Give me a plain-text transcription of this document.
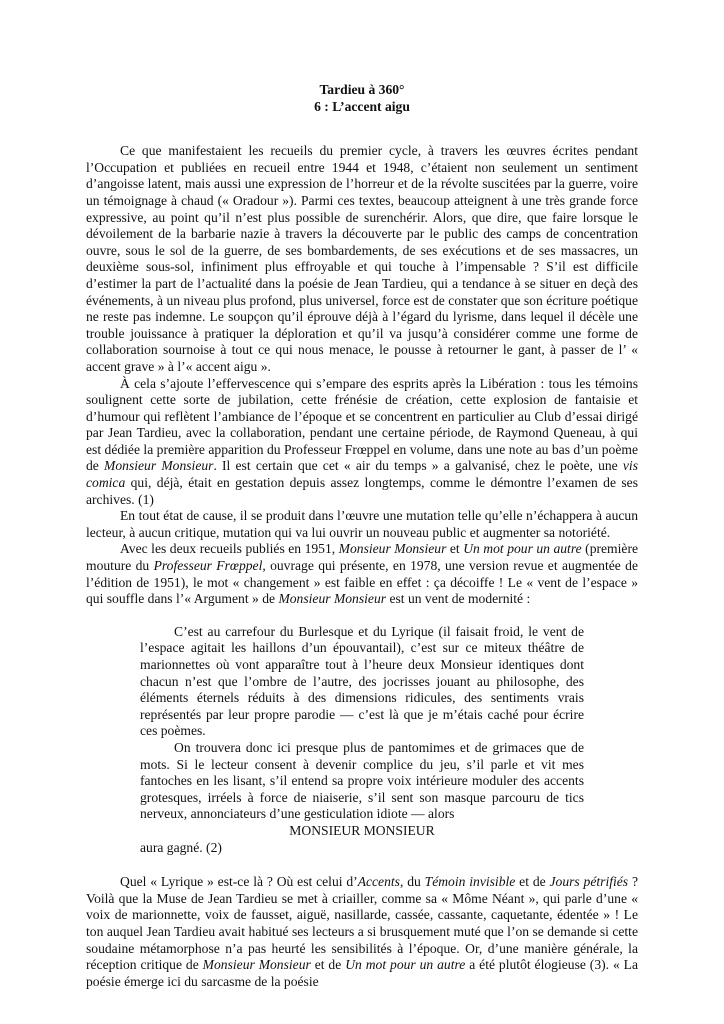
Tardieu à 360°
6 : L’accent aigu

Ce que manifestaient les recueils du premier cycle, à travers les œuvres écrites pendant l’Occupation et publiées en recueil entre 1944 et 1948, c’étaient non seulement un sentiment d’angoisse latent, mais aussi une expression de l’horreur et de la révolte suscitées par la guerre, voire un témoignage à chaud (« Oradour »). Parmi ces textes, beaucoup atteignent à une très grande force expressive, au point qu’il n’est plus possible de surenchérir. Alors, que dire, que faire lorsque le dévoilement de la barbarie nazie à travers la découverte par le public des camps de concentration ouvre, sous le sol de la guerre, de ses bombardements, de ses exécutions et de ses massacres, un deuxième sous-sol, infiniment plus effroyable et qui touche à l’impensable ? S’il est difficile d’estimer la part de l’actualité dans la poésie de Jean Tardieu, qui a tendance à se situer en deçà des événements, à un niveau plus profond, plus universel, force est de constater que son écriture poétique ne reste pas indemne. Le soupçon qu’il éprouve déjà à l’égard du lyrisme, dans lequel il décèle une trouble jouissance à pratiquer la déploration et qu’il va jusqu’à considérer comme une forme de collaboration sournoise à tout ce qui nous menace, le pousse à retourner le gant, à passer de l’ « accent grave » à l’« accent aigu ».

À cela s’ajoute l’effervescence qui s’empare des esprits après la Libération : tous les témoins soulignent cette sorte de jubilation, cette frénésie de création, cette explosion de fantaisie et d’humour qui reflètent l’ambiance de l’époque et se concentrent en particulier au Club d’essai dirigé par Jean Tardieu, avec la collaboration, pendant une certaine période, de Raymond Queneau, à qui est dédiée la première apparition du Professeur Frœppel en volume, dans une note au bas d’un poème de Monsieur Monsieur. Il est certain que cet « air du temps » a galvanisé, chez le poète, une vis comica qui, déjà, était en gestation depuis assez longtemps, comme le démontre l’examen de ses archives. (1)

En tout état de cause, il se produit dans l’œuvre une mutation telle qu’elle n’échappera à aucun lecteur, à aucun critique, mutation qui va lui ouvrir un nouveau public et augmenter sa notoriété.

Avec les deux recueils publiés en 1951, Monsieur Monsieur et Un mot pour un autre (première mouture du Professeur Frœppel, ouvrage qui présente, en 1978, une version revue et augmentée de l’édition de 1951), le mot « changement » est faible en effet : ça décoiffe ! Le « vent de l’espace » qui souffle dans l’« Argument » de Monsieur Monsieur est un vent de modernité :

C’est au carrefour du Burlesque et du Lyrique (il faisait froid, le vent de l’espace agitait les haillons d’un épouvantail), c’est sur ce miteux théâtre de marionnettes où vont apparaître tout à l’heure deux Monsieur identiques dont chacun n’est que l’ombre de l’autre, des jocrisses jouant au philosophe, des éléments éternels réduits à des dimensions ridicules, des sentiments vrais représentés par leur propre parodie — c’est là que je m’étais caché pour écrire ces poèmes.

On trouvera donc ici presque plus de pantomimes et de grimaces que de mots. Si le lecteur consent à devenir complice du jeu, s’il parle et vit mes fantoches en les lisant, s’il entend sa propre voix intérieure moduler des accents grotesques, irréels à force de niaiserie, s’il sent son masque parcouru de tics nerveux, annonciateurs d’une gesticulation idiote — alors

MONSIEUR MONSIEUR

aura gagné. (2)

Quel « Lyrique » est-ce là ? Où est celui d’Accents, du Témoin invisible et de Jours pétrifiés ? Voilà que la Muse de Jean Tardieu se met à criailler, comme sa « Môme Néant », qui parle d’une « voix de marionnette, voix de fausset, aiguë, nasillarde, cassée, cassante, caquetante, édentée » ! Le ton auquel Jean Tardieu avait habitué ses lecteurs a si brusquement muté que l’on se demande si cette soudaine métamorphose n’a pas heurté les sensibilités à l’époque. Or, d’une manière générale, la réception critique de Monsieur Monsieur et de Un mot pour un autre a été plutôt élogieuse (3). « La poésie émerge ici du sarcasme de la poésie
